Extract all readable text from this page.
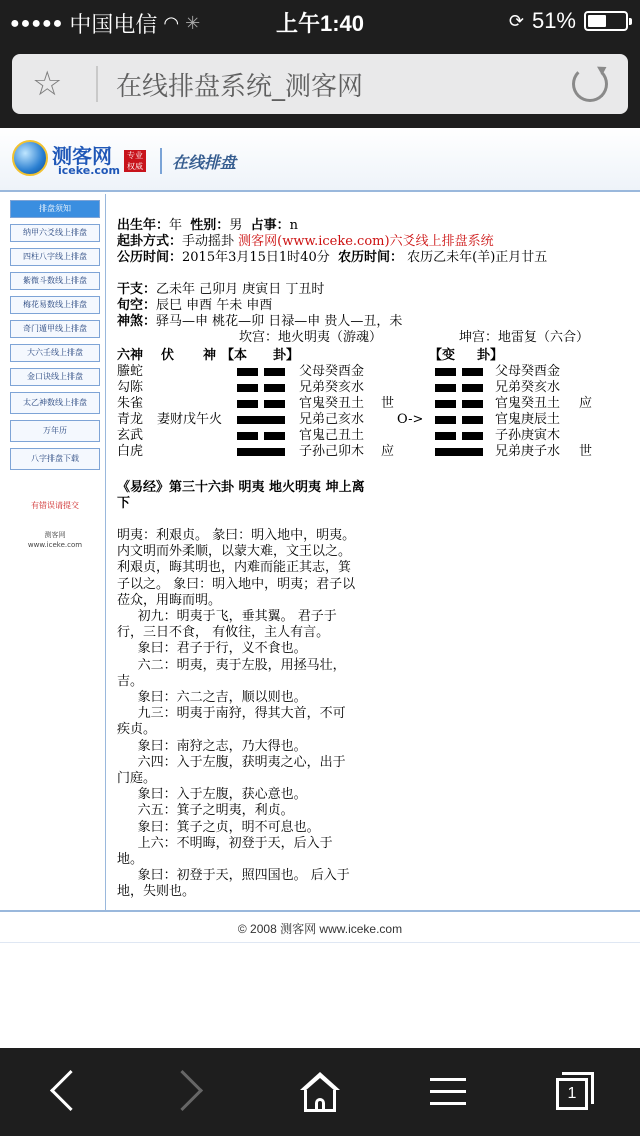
●●●●● 中国电信 ◠ ✳	上午1:40	⟳ 51%
☆ 在线排盘系统_测客网
测客网
iceke.com
专业 权威 在线排盘
排盘须知
纳甲六爻线上排盘
四柱八字线上排盘
紫微斗数线上排盘
梅花易数线上排盘
奇门遁甲线上排盘
大六壬线上排盘
金口诀线上排盘
太乙神数线上排盘
万年历
八字排盘下载
有错误请提交
测客网
www.iceke.com
出生年：年 性别：男 占事：n
起卦方式：手动摇卦 测客网(www.iceke.com)六爻线上排盘系统
公历时间：2015年3月15日1时40分 农历时间： 农历乙未年(羊)正月廿五
干支：乙未年 己卯月 庚寅日 丁丑时
旬空：辰巳 申酉 午未 申酉
神煞：驿马—申 桃花—卯 日禄—申 贵人—丑，未
坎宫：地火明夷（游魂）	坤宫：地雷复（六合）
六神 伏 神 【本 卦】	【变 卦】
螣蛇	父母癸酉金	父母癸酉金
勾陈	兄弟癸亥水	兄弟癸亥水
朱雀	官鬼癸丑土 世	官鬼癸丑土 应
青龙 妻财戊午火	兄弟己亥水	O->	官鬼庚辰土
玄武	官鬼己丑土	子孙庚寅木
白虎	子孙己卯木 应	兄弟庚子水 世
《易经》第三十六卦 明夷 地火明夷 坤上离下
明夷：利艰贞。 彖曰：明入地中，明夷。 内文明而外柔顺，以蒙大难，文王以之。 利艰贞，晦其明也，内难而能正其志，箕子以之。 象曰：明入地中，明夷；君子以莅众，用晦而明。
初九：明夷于飞，垂其翼。 君子于行，三日不食， 有攸往，主人有言。
象曰：君子于行，义不食也。
六二：明夷，夷于左股，用拯马壮，吉。
象曰：六二之吉，顺以则也。
九三：明夷于南狩，得其大首，不可疾贞。
象曰：南狩之志，乃大得也。
六四：入于左腹，获明夷之心，出于门庭。
象曰：入于左腹，获心意也。
六五：箕子之明夷，利贞。
象曰：箕子之贞，明不可息也。
上六：不明晦，初登于天，后入于地。
象曰：初登于天，照四国也。 后入于地，失则也。
© 2008 测客网 www.iceke.com
1
